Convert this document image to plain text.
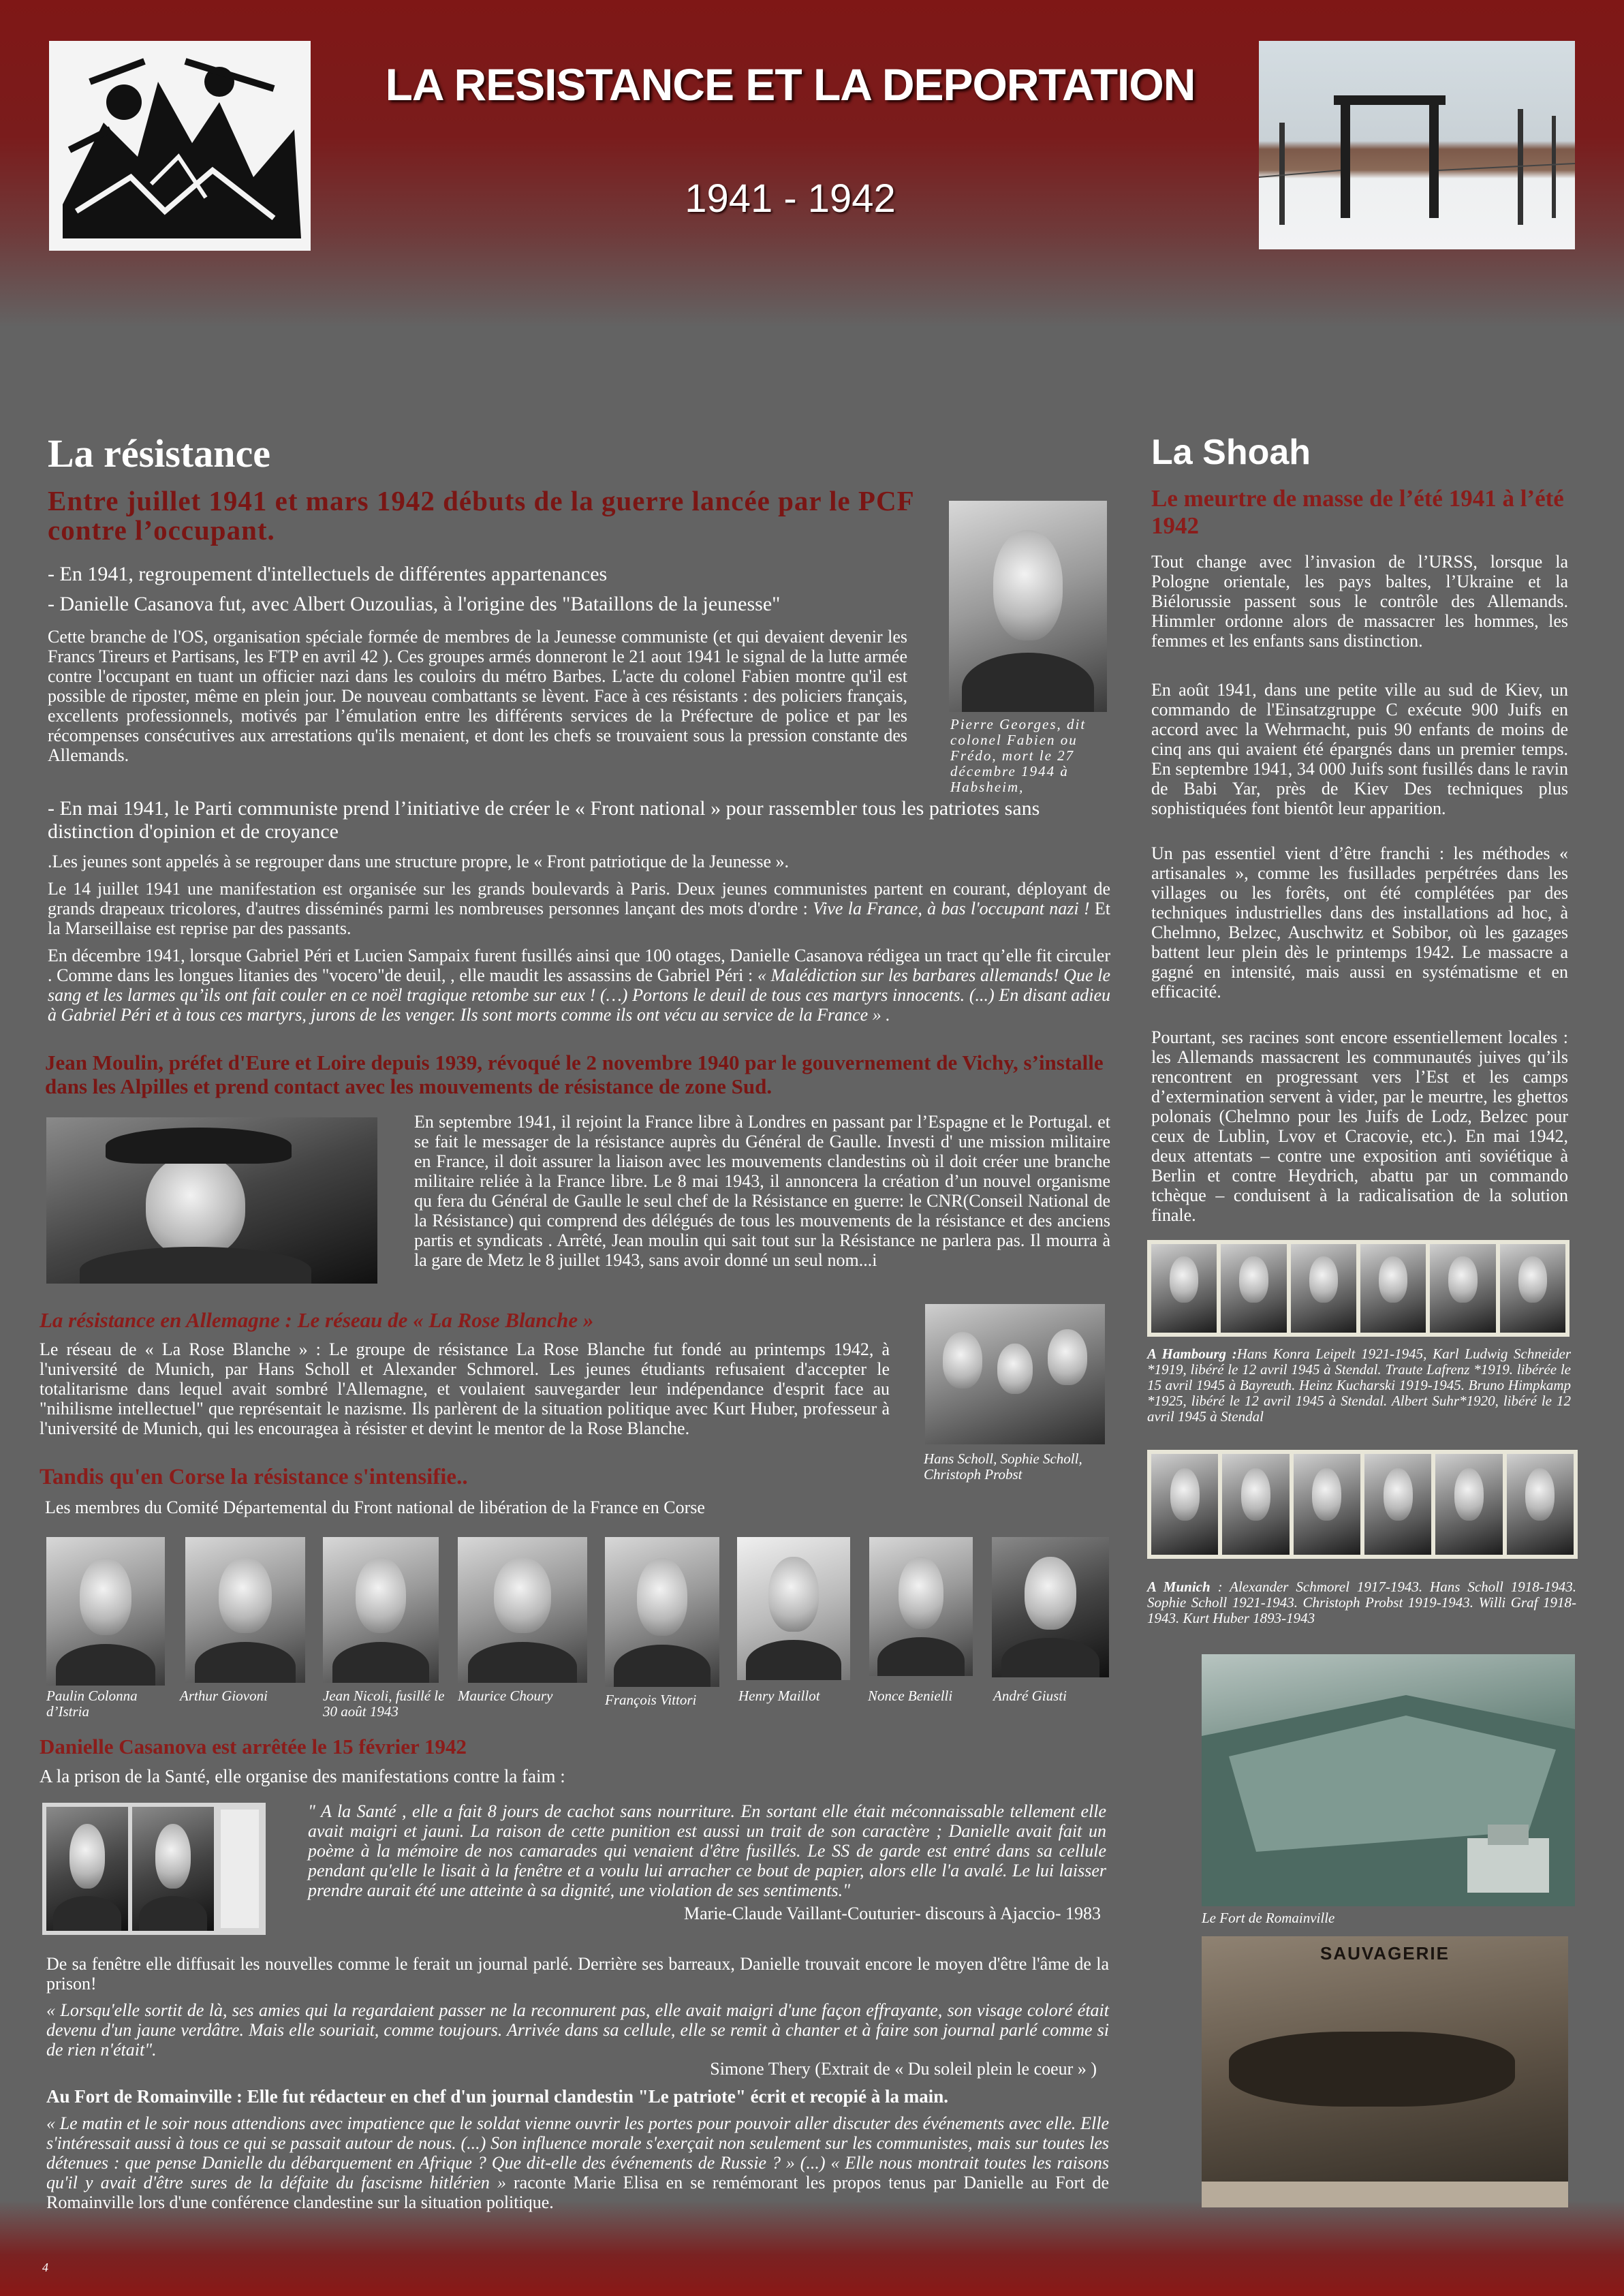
LA RESISTANCE ET LA DEPORTATION
1941 - 1942
La résistance
Entre juillet 1941 et mars 1942 débuts de la guerre lancée par le PCF contre l’occupant.
Pierre Georges, dit colonel Fabien ou Frédo, mort le 27 décembre 1944 à Habsheim,
- En 1941, regroupement d'intellectuels de différentes appartenances
- Danielle Casanova fut, avec Albert Ouzoulias, à l'origine des "Bataillons de la jeunesse"

Cette branche de l'OS, organisation spéciale formée de membres de la Jeunesse communiste (et qui devaient devenir les Francs Tireurs et Partisans, les FTP en avril 42 ). Ces groupes armés donneront le 21 aout 1941 le signal de la lutte armée contre l'occupant en tuant un officier nazi dans les couloirs du métro Barbes. L'acte du colonel Fabien montre qu'il est possible de riposter, même en plein jour. De nouveau combattants se lèvent. Face à ces résistants : des policiers français, excellents professionnels, motivés par l’émulation entre les différents services de la Préfecture de police et par les récompenses consécutives aux arrestations qu'ils menaient, et dont les chefs se trouvaient sous la pression constante des Allemands.

- En mai 1941, le Parti communiste prend l’initiative de créer le « Front national » pour rassembler tous les patriotes sans distinction d'opinion et de croyance

.Les jeunes sont appelés à se regrouper dans une structure propre, le « Front patriotique de la Jeunesse ».

Le 14 juillet 1941 une manifestation est organisée sur les grands boulevards à Paris. Deux jeunes communistes partent en courant, déployant de grands drapeaux tricolores, d'autres disséminés parmi les nombreuses personnes lançant des mots d'ordre : Vive la France, à bas l'occupant nazi ! Et la Marseillaise est reprise par des passants.

En décembre 1941, lorsque Gabriel Péri et Lucien Sampaix furent fusillés ainsi que 100 otages, Danielle Casanova rédigea un tract qu’elle fit circuler . Comme dans les longues litanies des "vocero"de deuil, , elle maudit les assassins de Gabriel Péri : « Malédiction sur les barbares allemands! Que le sang et les larmes qu’ils ont fait couler en ce noël tragique retombe sur eux ! (…) Portons le deuil de tous ces martyrs innocents. (...) En disant adieu à Gabriel Péri et à tous ces martyrs, jurons de les venger. Ils sont morts comme ils ont vécu au service de la France » .

Jean Moulin, préfet d'Eure et Loire depuis 1939, révoqué le 2 novembre 1940 par le gouvernement de Vichy, s’installe dans les Alpilles et prend contact avec les mouvements de résistance de zone Sud.

En septembre 1941, il rejoint la France libre à Londres en passant par l’Espagne et le Portugal. et se fait le messager de la résistance auprès du Général de Gaulle. Investi d' une mission militaire en France, il doit assurer la liaison avec les mouvements clandestins où il doit créer une branche militaire reliée à la France libre. Le 8 mai 1943, il annoncera la création d’un nouvel organisme qu fera du Général de Gaulle le seul chef de la Résistance en guerre: le CNR(Conseil National de la Résistance) qui comprend des délégués de tous les mouvements de la résistance et des anciens partis et syndicats . Arrêté, Jean moulin qui sait tout sur la Résistance ne parlera pas. Il mourra à la gare de Metz le 8 juillet 1943, sans avoir donné un seul nom...i

La résistance en Allemagne : Le réseau de « La Rose Blanche »

Le réseau de « La Rose Blanche » : Le groupe de résistance La Rose Blanche fut fondé au printemps 1942, à l'université de Munich, par Hans Scholl et Alexander Schmorel. Les jeunes étudiants refusaient d'accepter le totalitarisme dans lequel avait sombré l'Allemagne, et voulaient sauvegarder leur indépendance d'esprit face au "nihilisme intellectuel" que représentait le nazisme. Ils parlèrent de la situation politique avec Kurt Huber, professeur à l'université de Munich, qui les encouragea à résister et devint le mentor de la Rose Blanche.

Hans Scholl, Sophie Scholl, Christoph Probst
Tandis qu'en Corse la résistance s'intensifie..
Les membres du Comité Départemental du Front national de libération de la France en Corse
Paulin Colonna d’Istria
Arthur Giovoni	Jean Nicoli, fusillé le 30 août 1943
Maurice Choury	François Vittori	Henry Maillot	Nonce Benielli	André Giusti
Danielle Casanova est arrêtée le 15 février 1942
A la prison de la Santé, elle organise des manifestations contre la faim :

" A la Santé , elle a fait 8 jours de cachot sans nourriture. En sortant elle était méconnaissable tellement elle avait maigri et jauni. La raison de cette punition est aussi un trait de son caractère ; Danielle avait fait un poème à la mémoire de nos camarades qui venaient d'être fusillés. Le SS de garde est entré dans sa cellule pendant qu'elle le lisait à la fenêtre et a voulu lui arracher ce bout de papier, alors elle l'a avalé. Le lui laisser prendre aurait été une atteinte à sa dignité, une violation de ses sentiments."

Marie-Claude Vaillant-Couturier- discours à Ajaccio- 1983

De sa fenêtre elle diffusait les nouvelles comme le ferait un journal parlé. Derrière ses barreaux, Danielle trouvait encore le moyen d'être l'âme de la prison!

« Lorsqu'elle sortit de là, ses amies qui la regardaient passer ne la reconnurent pas, elle avait maigri d'une façon effrayante, son visage coloré était devenu d'un jaune verdâtre. Mais elle souriait, comme toujours. Arrivée dans sa cellule, elle se remit à chanter et à faire son journal parlé comme si de rien n'était".

Simone Thery (Extrait de « Du soleil plein le coeur » )
Au Fort de Romainville : Elle fut rédacteur en chef d'un journal clandestin "Le patriote" écrit et recopié à la main.

« Le matin et le soir nous attendions avec impatience que le soldat vienne ouvrir les portes pour pouvoir aller discuter des événements avec elle. Elle s'intéressait aussi à tous ce qui se passait autour de nous. (...) Son influence morale s'exerçait non seulement sur les communistes, mais sur toutes les détenues : que pense Danielle du débarquement en Afrique ? Que dit-elle des événements de Russie ? » (...) « Elle nous montrait toutes les raisons qu'il y avait d'être sures de la défaite du fascisme hitlérien » raconte Marie Elisa en se remémorant les propos tenus par Danielle au Fort de Romainville lors d'une conférence clandestine sur la situation politique.

La Shoah
Le meurtre de masse de l’été 1941 à l’été 1942

Tout change avec l’invasion de l’URSS, lorsque la Pologne orientale, les pays baltes, l’Ukraine et la Biélorussie passent sous le contrôle des Allemands. Himmler ordonne alors de massacrer les hommes, les femmes et les enfants sans distinction.

En août 1941, dans une petite ville au sud de Kiev, un commando de l'Einsatzgruppe C exécute 900 Juifs en accord avec la Wehrmacht, puis 90 enfants de moins de cinq ans qui avaient été épargnés dans un premier temps. En septembre 1941, 34 000 Juifs sont fusillés dans le ravin de Babi Yar, près de Kiev Des techniques plus sophistiquées font bientôt leur apparition.

Un pas essentiel vient d’être franchi : les méthodes « artisanales », comme les fusillades perpétrées dans les villages ou les forêts, ont été complétées par des techniques industrielles dans des installations ad hoc, à Chelmno, Belzec, Auschwitz et Sobibor, où les gazages battent leur plein dès le printemps 1942. Le massacre a gagné en intensité, mais aussi en systématisme et en efficacité.

Pourtant, ses racines sont encore essentiellement locales : les Allemands massacrent les communautés juives qu’ils rencontrent en progressant vers l’Est et les camps d’extermination servent à vider, par le meurtre, les ghettos polonais (Chelmno pour les Juifs de Lodz, Belzec pour ceux de Lublin, Lvov et Cracovie, etc.). En mai 1942, deux attentats – contre une exposition anti soviétique à Berlin et contre Heydrich, abattu par un commando tchèque – conduisent à la radicalisation de la solution finale.

A Hambourg :Hans Konra Leipelt 1921-1945, Karl Ludwig Schneider *1919, libéré le 12 avril 1945 à Stendal. Traute Lafrenz *1919. libérée le 15 avril 1945 à Bayreuth. Heinz Kucharski 1919-1945. Bruno Himpkamp *1925, libéré le 12 avril 1945 à Stendal. Albert Suhr*1920, libéré le 12 avril 1945 à Stendal

A Munich : Alexander Schmorel 1917-1943. Hans Scholl 1918-1943. Sophie Scholl 1921-1943. Christoph Probst 1919-1943. Willi Graf 1918-1943. Kurt Huber 1893-1943

Le Fort de Romainville
SAUVAGERIE
4
